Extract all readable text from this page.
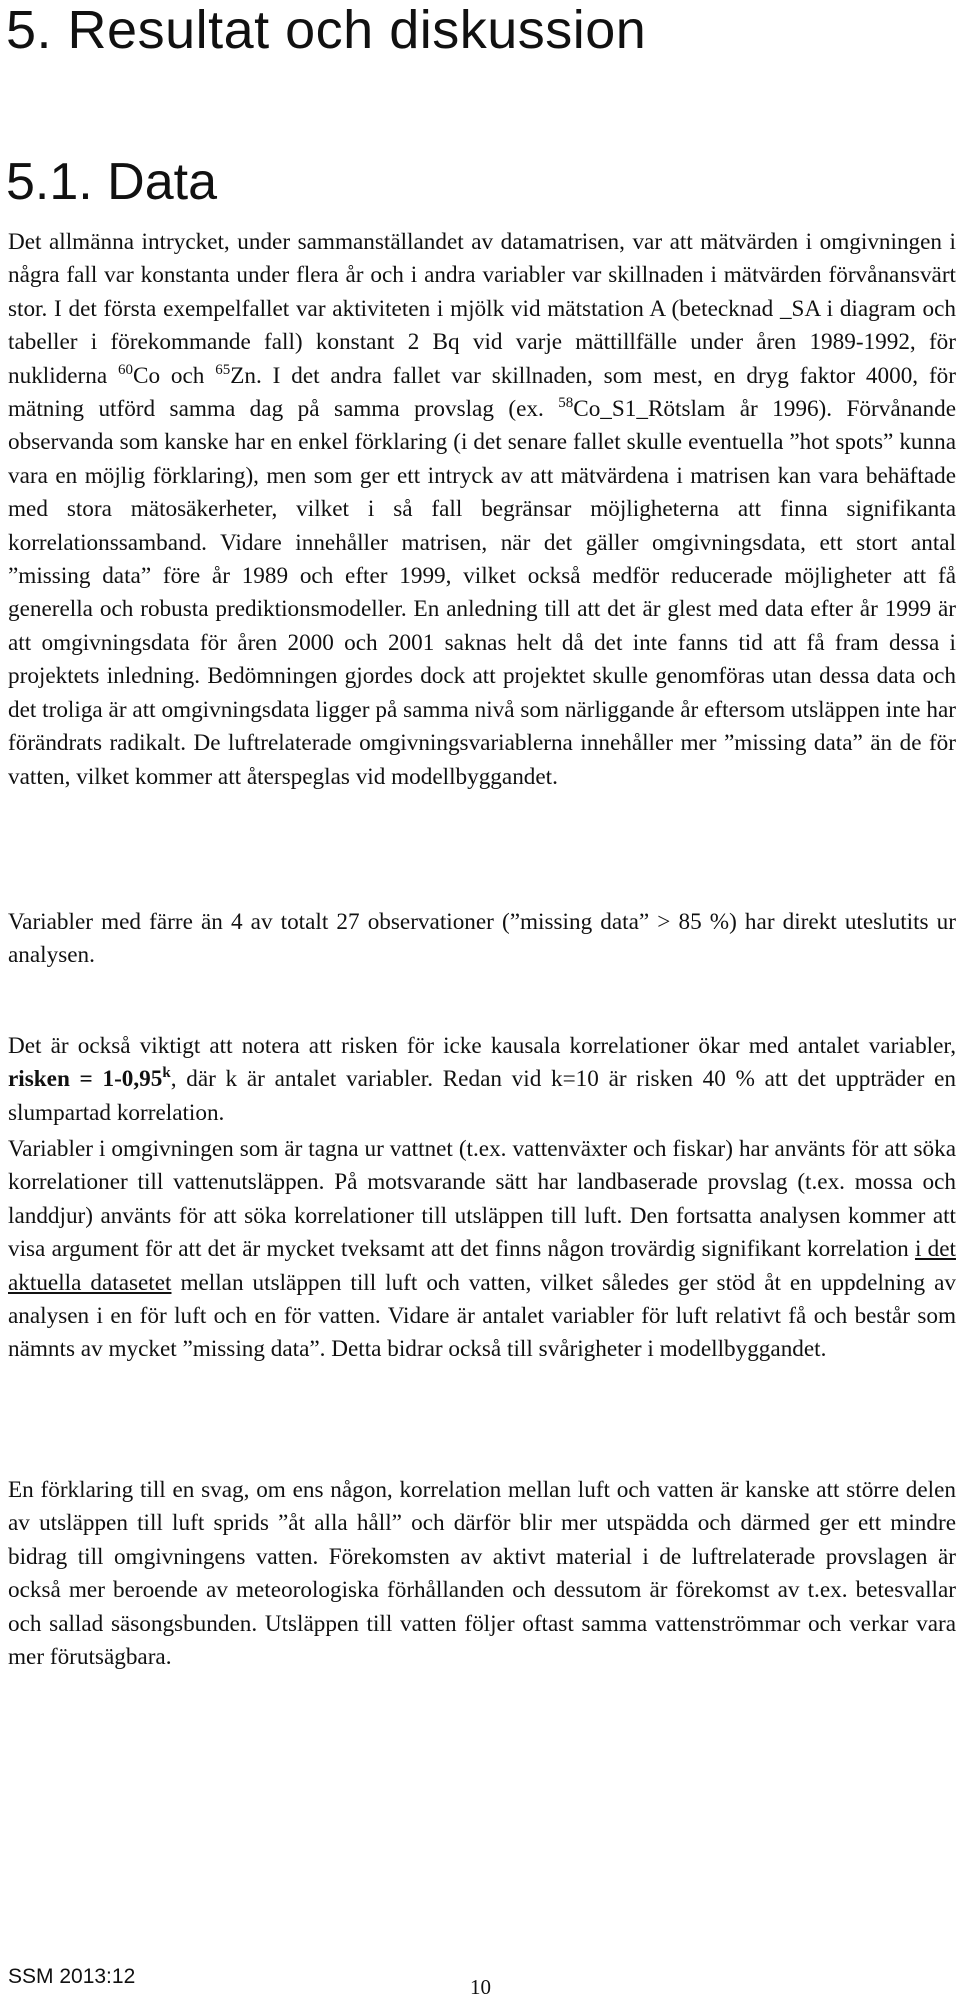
5. Resultat och diskussion
5.1. Data

Det allmänna intrycket, under sammanställandet av datamatrisen, var att mätvärden i omgivningen i några fall var konstanta under flera år och i andra variabler var skillnaden i mätvärden förvånansvärt stor. I det första exempelfallet var aktiviteten i mjölk vid mätstation A (betecknad _SA i diagram och tabeller i förekommande fall) konstant 2 Bq vid varje mättillfälle under åren 1989-1992, för nukliderna $^{60}$Co och $^{65}$Zn. I det andra fallet var skillnaden, som mest, en dryg faktor 4000, för mätning utförd samma dag på samma provslag (ex. $^{58}$Co_S1_Rötslam år 1996). Förvånande observanda som kanske har en enkel förklaring (i det senare fallet skulle eventuella ”hot spots” kunna vara en möjlig förklaring), men som ger ett intryck av att mätvärdena i matrisen kan vara behäftade med stora mätosäkerheter, vilket i så fall begränsar möjligheterna att finna signifikanta korrelationssamband. Vidare innehåller matrisen, när det gäller omgivningsdata, ett stort antal ”missing data” före år 1989 och efter 1999, vilket också medför reducerade möjligheter att få generella och robusta prediktionsmodeller. En anledning till att det är glest med data efter år 1999 är att omgivningsdata för åren 2000 och 2001 saknas helt då det inte fanns tid att få fram dessa i projektets inledning. Bedömningen gjordes dock att projektet skulle genomföras utan dessa data och det troliga är att omgivningsdata ligger på samma nivå som närliggande år eftersom utsläppen inte har förändrats radikalt. De luftrelaterade omgivningsvariablerna innehåller mer ”missing data” än de för vatten, vilket kommer att återspeglas vid modellbyggandet.

Variabler med färre än 4 av totalt 27 observationer (”missing data” > 85 %) har direkt uteslutits ur analysen.

Det är också viktigt att notera att risken för icke kausala korrelationer ökar med antalet variabler, risken = $1-0,95^k$, där k är antalet variabler. Redan vid k=10 är risken 40 % att det uppträder en slumpartad korrelation.

Variabler i omgivningen som är tagna ur vattnet (t.ex. vattenväxter och fiskar) har använts för att söka korrelationer till vattenutsläppen. På motsvarande sätt har landbaserade provslag (t.ex. mossa och landdjur) använts för att söka korrelationer till utsläppen till luft. Den fortsatta analysen kommer att visa argument för att det är mycket tveksamt att det finns någon trovärdig signifikant korrelation i det aktuella datasetet mellan utsläppen till luft och vatten, vilket således ger stöd åt en uppdelning av analysen i en för luft och en för vatten. Vidare är antalet variabler för luft relativt få och består som nämnts av mycket ”missing data”. Detta bidrar också till svårigheter i modellbyggandet.

En förklaring till en svag, om ens någon, korrelation mellan luft och vatten är kanske att större delen av utsläppen till luft sprids ”åt alla håll” och därför blir mer utspädda och därmed ger ett mindre bidrag till omgivningens vatten. Förekomsten av aktivt material i de luftrelaterade provslagen är också mer beroende av meteorologiska förhållanden och dessutom är förekomst av t.ex. betesvallar och sallad säsongsbunden. Utsläppen till vatten följer oftast samma vattenströmmar och verkar vara mer förutsägbara.

SSM 2013:12	10
